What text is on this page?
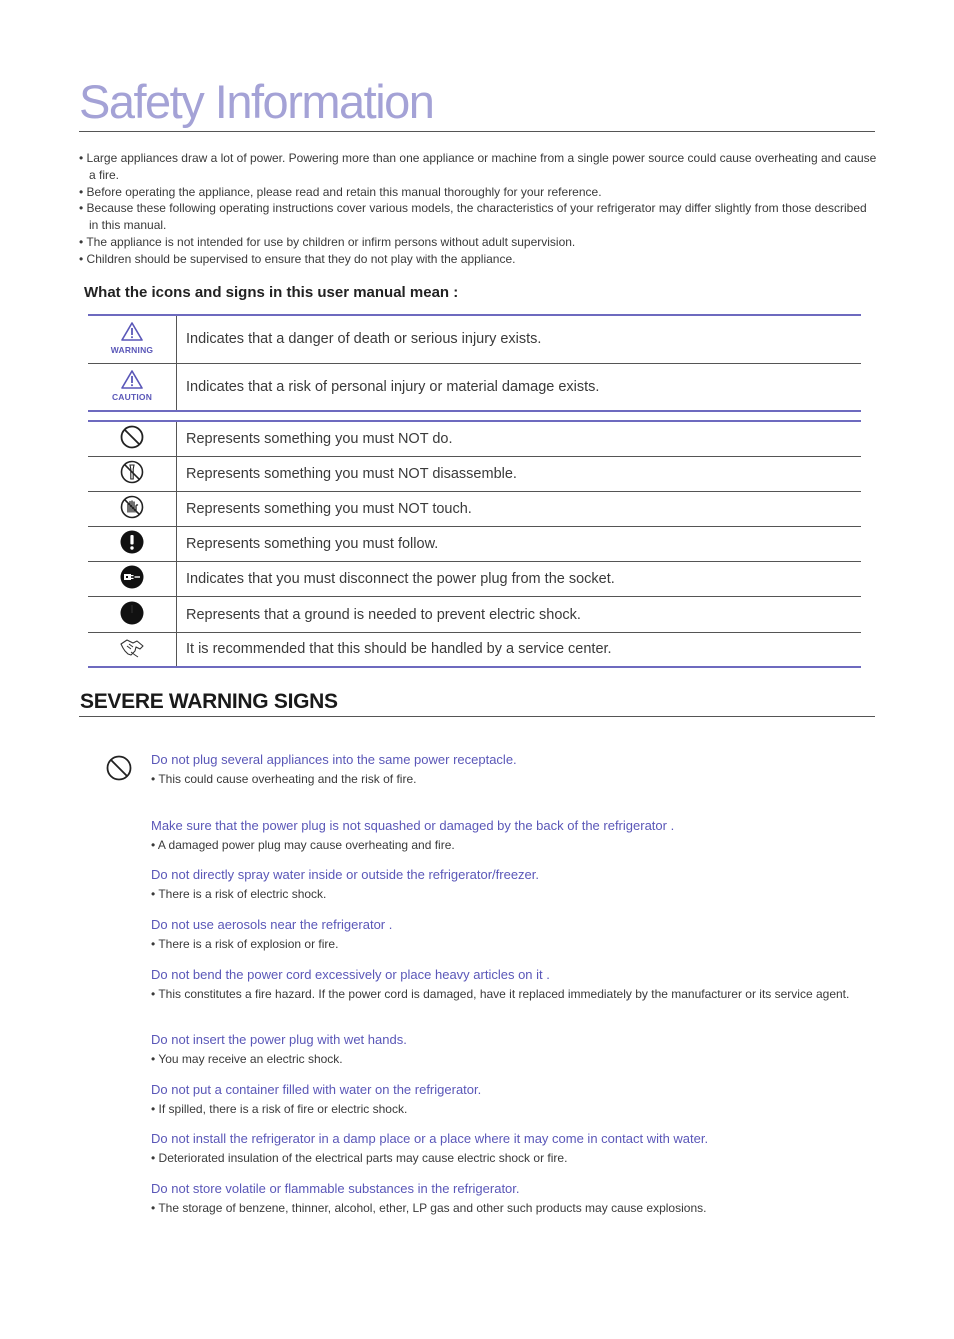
Safety Information
• Large appliances draw a lot of power. Powering more than one appliance or machine from a single power source could cause overheating and cause a fire.
• Before operating the appliance, please read and retain this manual thoroughly for your reference.
• Because these following operating instructions cover various models, the characteristics of your refrigerator may differ slightly from those described in this manual.
• The appliance is not intended for use by children or infirm persons without adult supervision.
• Children should be supervised to ensure that they do not play with the appliance.
What the icons and signs in this user manual mean :
WARNING	Indicates that a danger of death or serious injury exists.

CAUTION	Indicates that a risk of personal injury or material damage exists.
	Represents something you must NOT do.
	Represents something you must NOT disassemble.
	Represents something you must NOT touch.
	Represents something you must follow.
	Indicates that you must disconnect the power plug from the socket.
	Represents that a ground is needed to prevent electric shock.
	It is recommended that this should be handled by a service center.
SEVERE WARNING SIGNS

Do not plug several appliances into the same power receptacle.

• This could cause overheating and the risk of fire.

Make sure that the power plug is not squashed or damaged by the back of the refrigerator .

• A damaged power plug may cause overheating and fire.

Do not directly spray water inside or outside the refrigerator/freezer.

• There is a risk of electric shock.

Do not use aerosols near the refrigerator .

• There is a risk of explosion or fire.

Do not bend the power cord excessively or place heavy articles on it .

• This constitutes a fire hazard. If the power cord is damaged, have it replaced immediately by the manufacturer or its service agent.

Do not insert the power plug with wet hands.

• You may receive an electric shock.

Do not put a container filled with water on the refrigerator.

• If spilled, there is a risk of fire or electric shock.

Do not install the refrigerator in a damp place or a place where it may come in contact with water.

• Deteriorated insulation of the electrical parts may cause electric shock or fire.

Do not store volatile or flammable substances in the refrigerator.

• The storage of benzene, thinner, alcohol, ether, LP gas and other such products may cause explosions.
